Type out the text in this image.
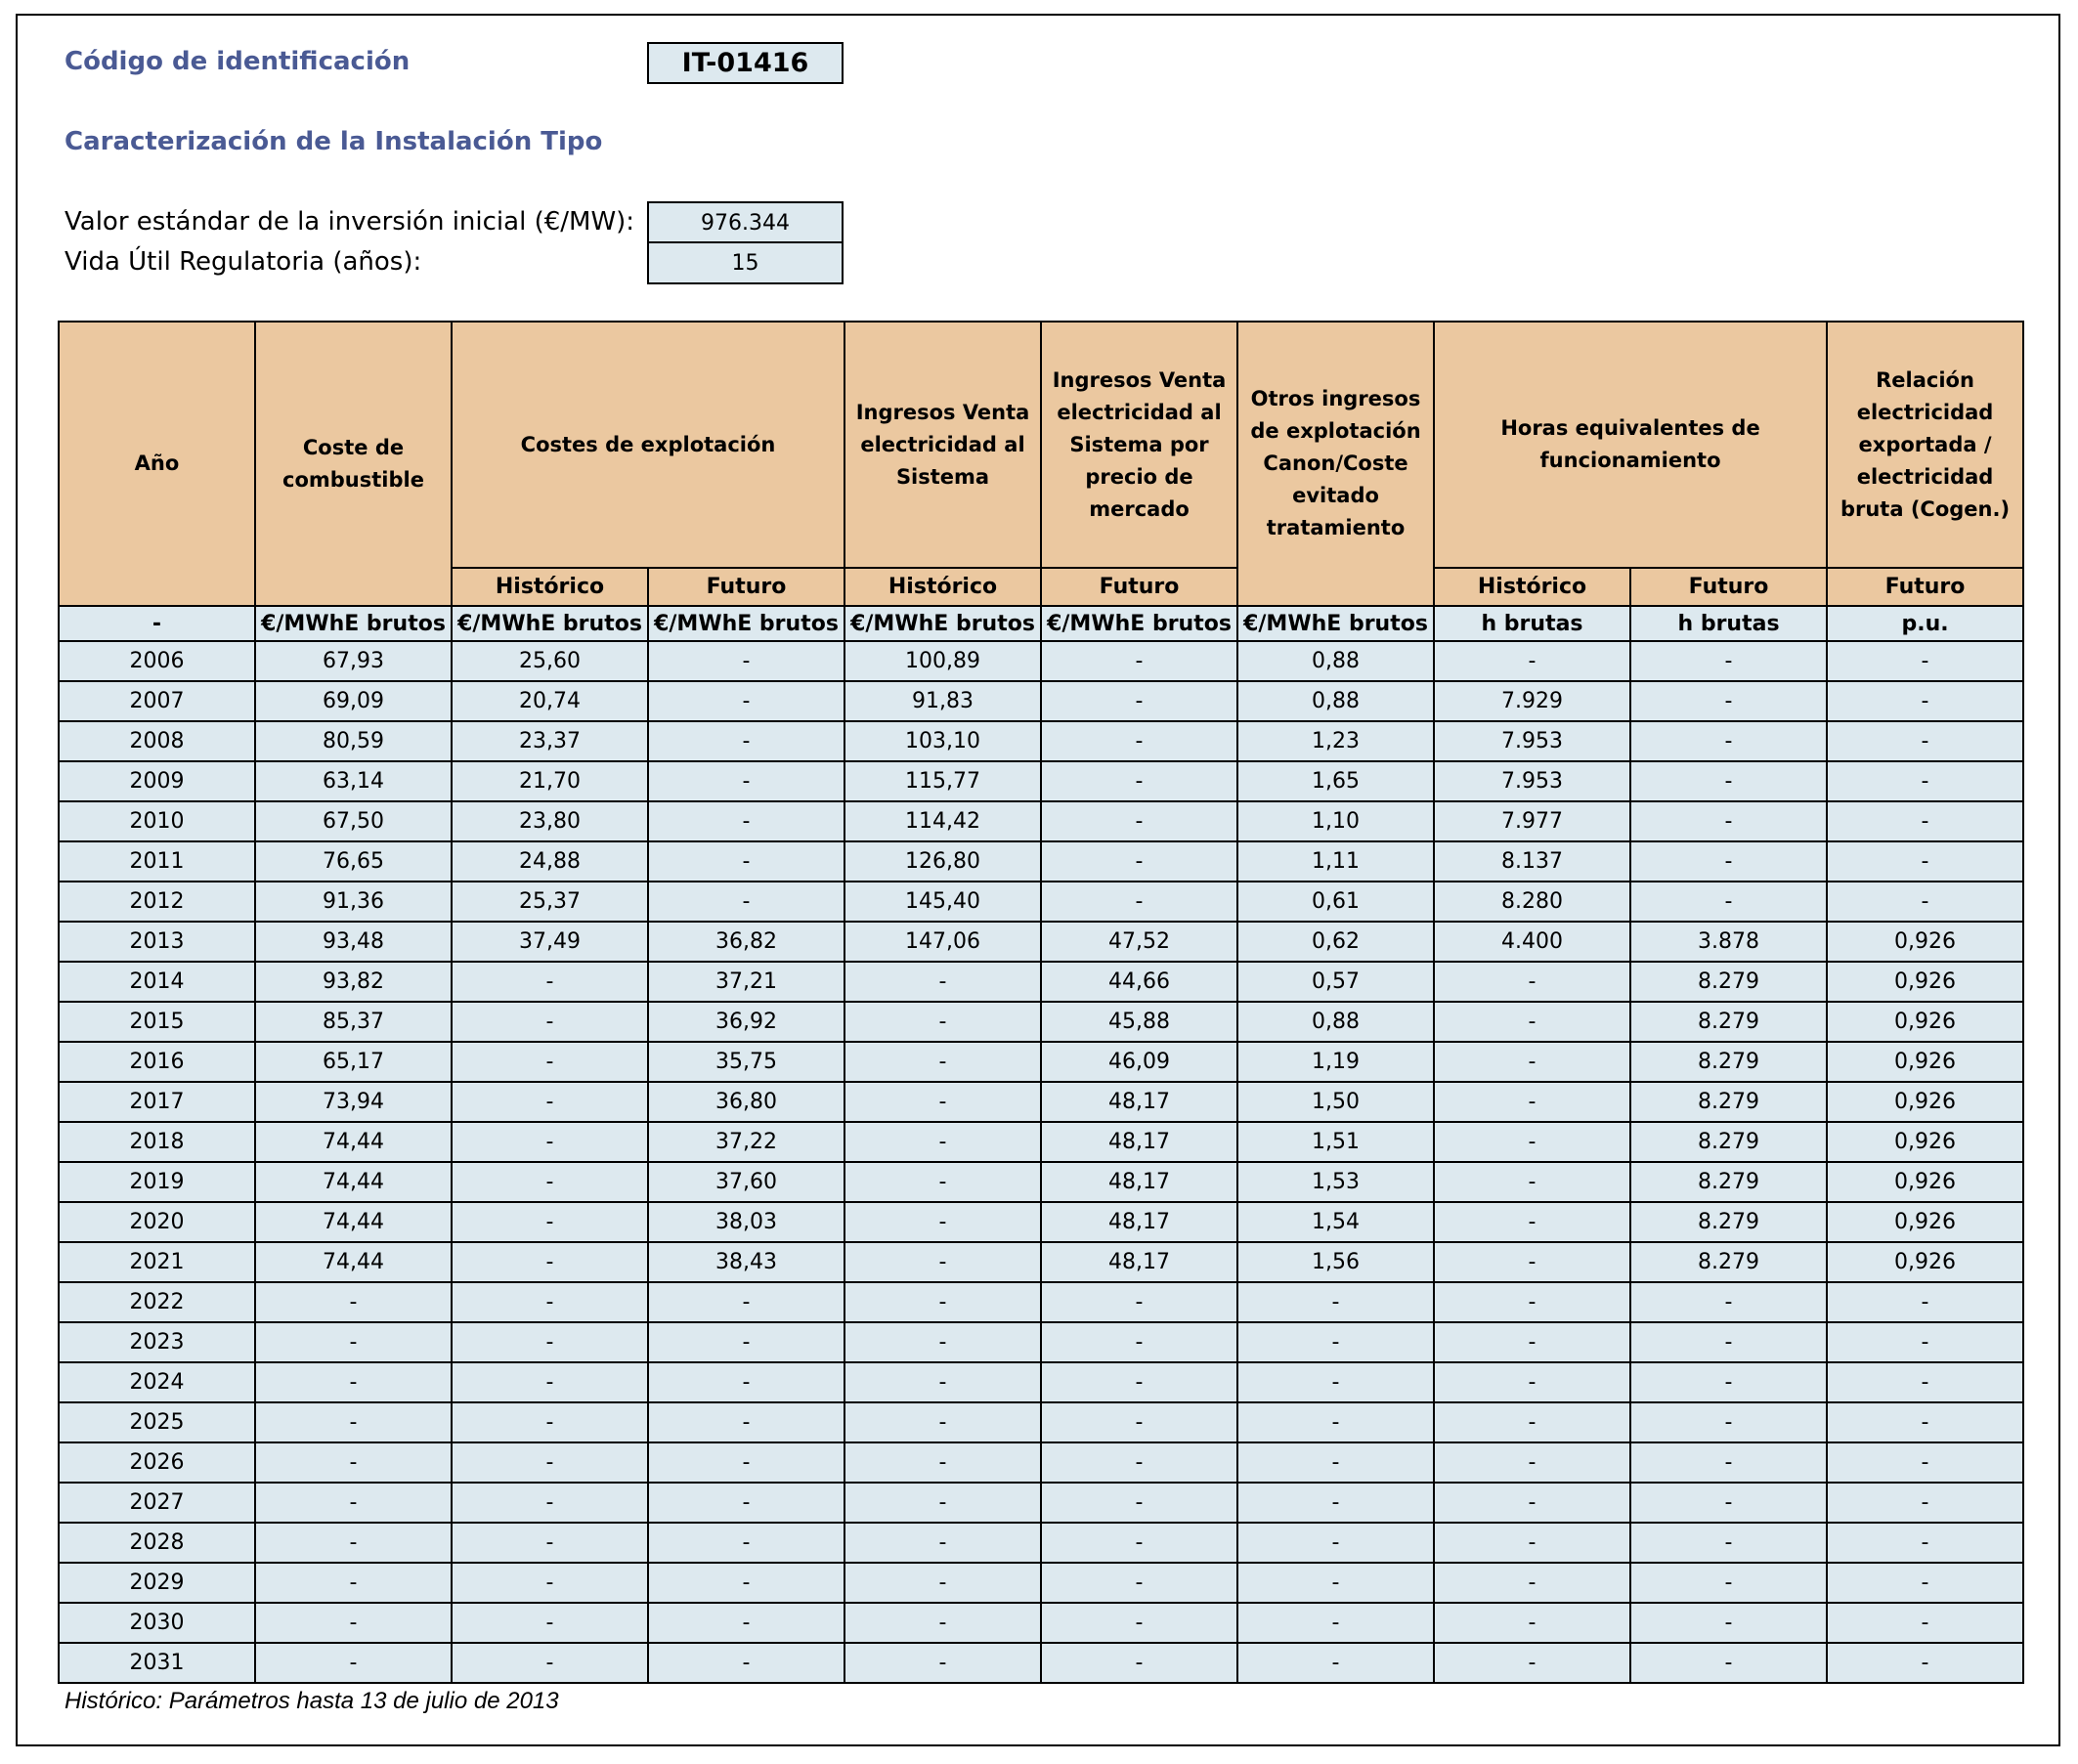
Código de identificación	IT-01416
Caracterización de la Instalación Tipo
Valor estándar de la inversión inicial (€/MW):	976.344
Vida Útil Regulatoria (años):	15
Año	Coste de combustible	Costes de explotación		Ingresos Venta electricidad al Sistema	Ingresos Venta electricidad al Sistema por precio de mercado	Otros ingresos de explotación Canon/Coste evitado tratamiento	Horas equivalentes de funcionamiento		Relación electricidad exportada / electricidad bruta (Cogen.)
		Histórico	Futuro	Histórico	Futuro		Histórico	Futuro	Futuro
-	€/MWhE brutos	€/MWhE brutos	€/MWhE brutos	€/MWhE brutos	€/MWhE brutos	€/MWhE brutos	h brutas	h brutas	p.u.
2006	67,93	25,60	-	100,89	-	0,88	-	-	-
2007	69,09	20,74	-	91,83	-	0,88	7.929	-	-
2008	80,59	23,37	-	103,10	-	1,23	7.953	-	-
2009	63,14	21,70	-	115,77	-	1,65	7.953	-	-
2010	67,50	23,80	-	114,42	-	1,10	7.977	-	-
2011	76,65	24,88	-	126,80	-	1,11	8.137	-	-
2012	91,36	25,37	-	145,40	-	0,61	8.280	-	-
2013	93,48	37,49	36,82	147,06	47,52	0,62	4.400	3.878	0,926
2014	93,82	-	37,21	-	44,66	0,57	-	8.279	0,926
2015	85,37	-	36,92	-	45,88	0,88	-	8.279	0,926
2016	65,17	-	35,75	-	46,09	1,19	-	8.279	0,926
2017	73,94	-	36,80	-	48,17	1,50	-	8.279	0,926
2018	74,44	-	37,22	-	48,17	1,51	-	8.279	0,926
2019	74,44	-	37,60	-	48,17	1,53	-	8.279	0,926
2020	74,44	-	38,03	-	48,17	1,54	-	8.279	0,926
2021	74,44	-	38,43	-	48,17	1,56	-	8.279	0,926
2022	-	-	-	-	-	-	-	-	-
2023	-	-	-	-	-	-	-	-	-
2024	-	-	-	-	-	-	-	-	-
2025	-	-	-	-	-	-	-	-	-
2026	-	-	-	-	-	-	-	-	-
2027	-	-	-	-	-	-	-	-	-
2028	-	-	-	-	-	-	-	-	-
2029	-	-	-	-	-	-	-	-	-
2030	-	-	-	-	-	-	-	-	-
2031	-	-	-	-	-	-	-	-	-
Histórico: Parámetros hasta 13 de julio de 2013
